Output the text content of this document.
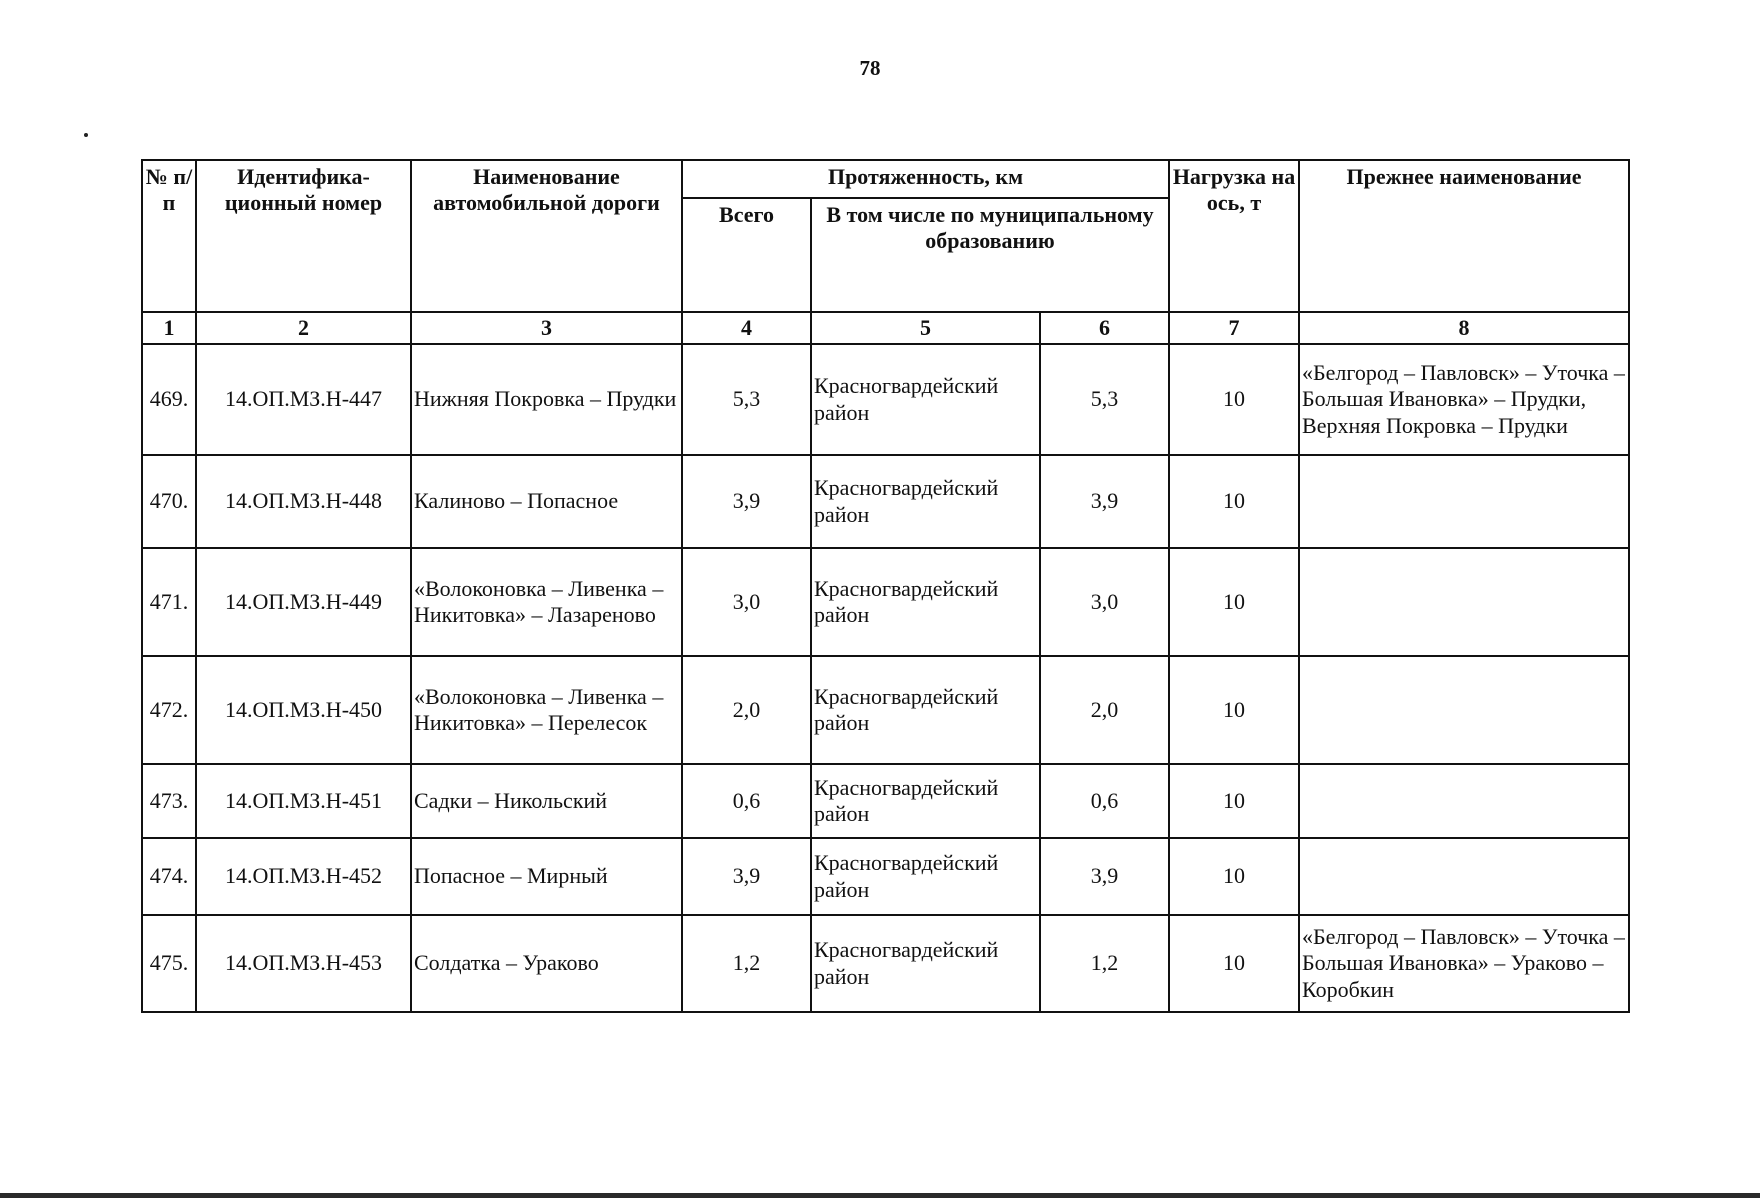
78
№ п/п	Идентифика-ционный номер	Наименование автомобильной дороги	Протяженность, км			Нагрузка на ось, т	Прежнее наименование
			Всего	В том числе по муниципальному образованию			
1	2	3	4	5	6	7	8
469.	14.ОП.МЗ.Н-447	Нижняя Покровка – Прудки	5,3	Красногвардейский район	5,3	10	«Белгород – Павловск» – Уточка – Большая Ивановка» – Прудки, Верхняя Покровка – Прудки
470.	14.ОП.МЗ.Н-448	Калиново – Попасное	3,9	Красногвардейский район	3,9	10	
471.	14.ОП.МЗ.Н-449	«Волоконовка – Ливенка – Никитовка» – Лазареново	3,0	Красногвардейский район	3,0	10	
472.	14.ОП.МЗ.Н-450	«Волоконовка – Ливенка – Никитовка» – Перелесок	2,0	Красногвардейский район	2,0	10	
473.	14.ОП.МЗ.Н-451	Садки – Никольский	0,6	Красногвардейский район	0,6	10	
474.	14.ОП.МЗ.Н-452	Попасное – Мирный	3,9	Красногвардейский район	3,9	10	
475.	14.ОП.МЗ.Н-453	Солдатка – Ураково	1,2	Красногвардейский район	1,2	10	«Белгород – Павловск» – Уточка – Большая Ивановка» – Ураково – Коробкин
